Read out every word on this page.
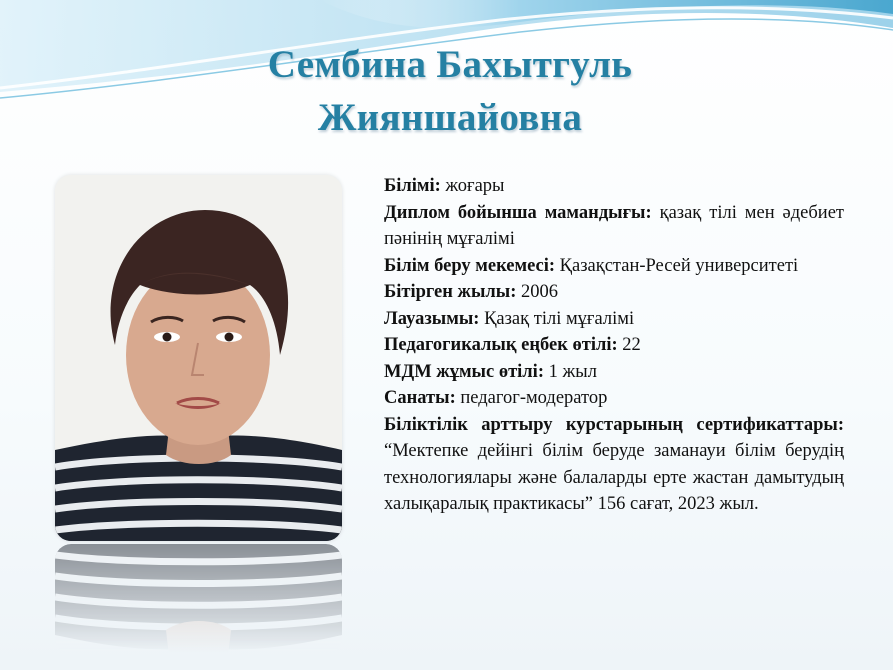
Сембина Бахытгуль
Жияншайовна

Білімі: жоғары

Диплом бойынша мамандығы: қазақ тілі мен әдебиет пәнінің мұғалімі

Білім беру мекемесі: Қазақстан-Ресей университеті

Бітірген жылы: 2006

Лауазымы: Қазақ тілі мұғалімі

Педагогикалық еңбек өтілі: 22

МДМ жұмыс өтілі: 1 жыл

Санаты: педагог-модератор

Біліктілік арттыру курстарының сертификаттары: “Мектепке дейінгі білім беруде заманауи білім берудің технологиялары және балаларды ерте жастан дамытудың халықаралық практикасы” 156 сағат, 2023 жыл.
